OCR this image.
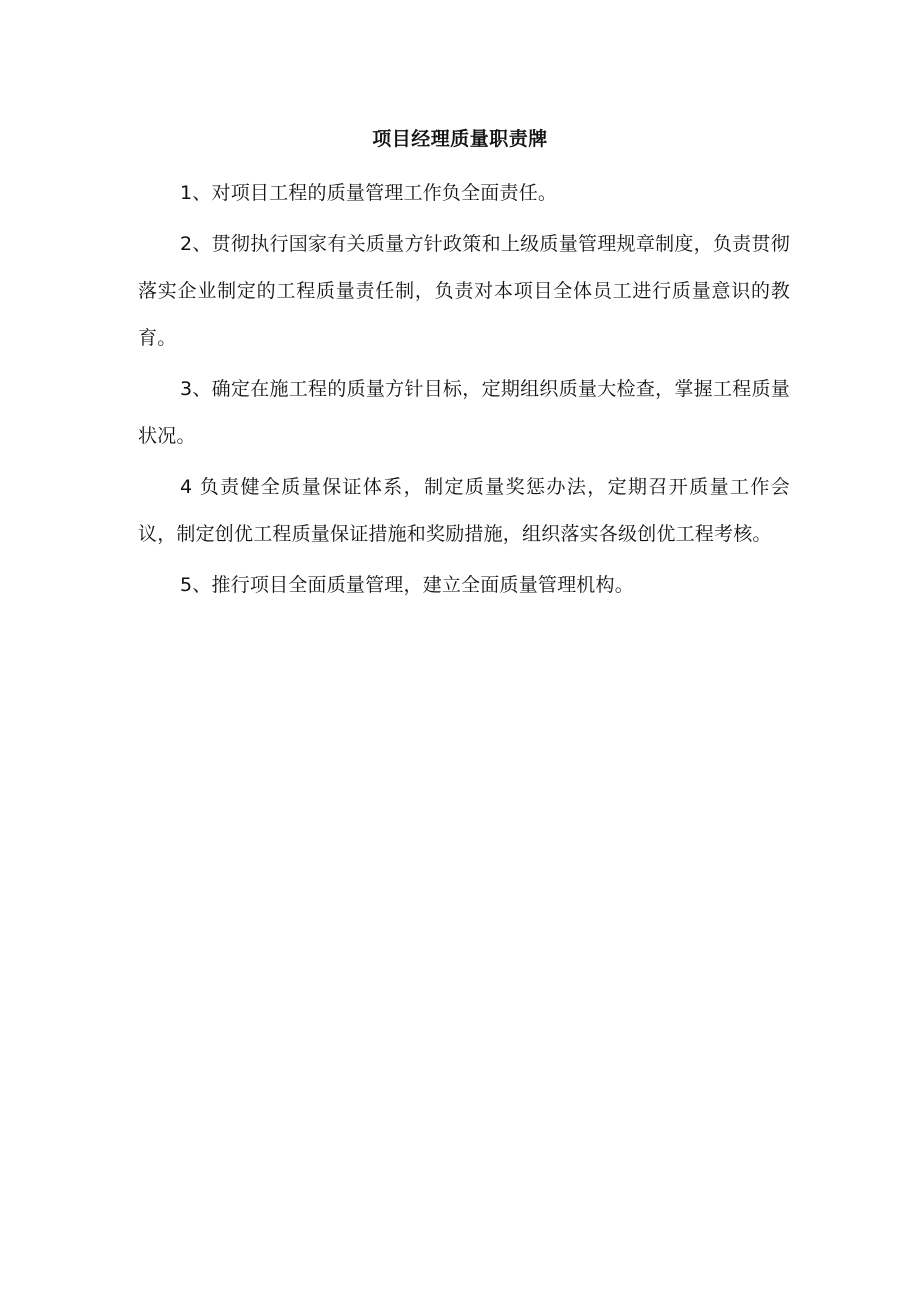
项目经理质量职责牌

1、对项目工程的质量管理工作负全面责任。

2、贯彻执行国家有关质量方针政策和上级质量管理规章制度，负责贯彻落实企业制定的工程质量责任制，负责对本项目全体员工进行质量意识的教育。

3、确定在施工程的质量方针目标，定期组织质量大检查，掌握工程质量状况。

4 负责健全质量保证体系，制定质量奖惩办法，定期召开质量工作会议，制定创优工程质量保证措施和奖励措施，组织落实各级创优工程考核。

5、推行项目全面质量管理，建立全面质量管理机构。
